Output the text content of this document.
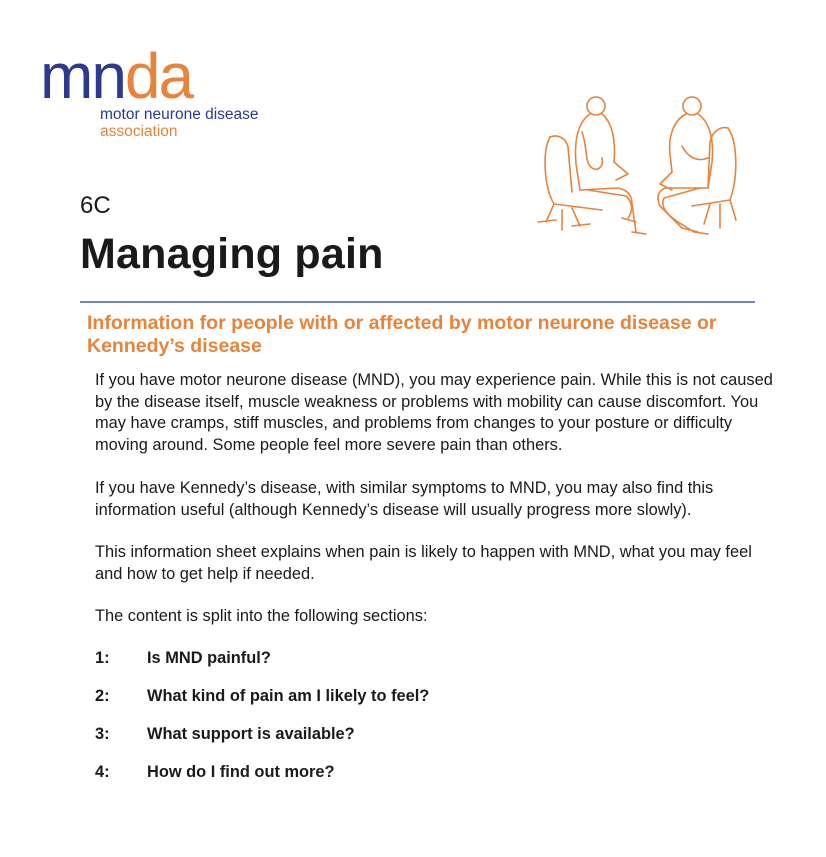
mnda
motor neurone disease
association
6C
Managing pain
Information for people with or affected by motor neurone disease or Kennedy’s disease
If you have motor neurone disease (MND), you may experience pain. While this is not caused by the disease itself, muscle weakness or problems with mobility can cause discomfort. You may have cramps, stiff muscles, and problems from changes to your posture or difficulty moving around. Some people feel more severe pain than others.
If you have Kennedy’s disease, with similar symptoms to MND, you may also find this information useful (although Kennedy’s disease will usually progress more slowly).
This information sheet explains when pain is likely to happen with MND, what you may feel and how to get help if needed.
The content is split into the following sections:
1: Is MND painful?
2: What kind of pain am I likely to feel?
3: What support is available?
4: How do I find out more?
